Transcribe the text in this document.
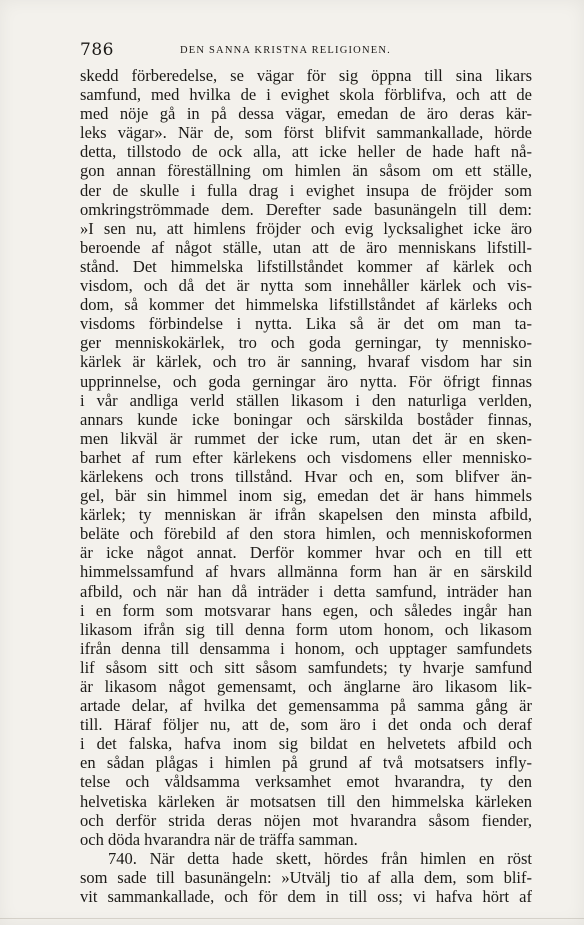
786	DEN SANNA KRISTNA RELIGIONEN.
skedd förberedelse, se vägar för sig öppna till sina likars
samfund, med hvilka de i evighet skola förblifva, och att de
med nöje gå in på dessa vägar, emedan de äro deras kär-
leks vägar». När de, som först blifvit sammankallade, hörde
detta, tillstodo de ock alla, att icke heller de hade haft nå-
gon annan föreställning om himlen än såsom om ett ställe,
der de skulle i fulla drag i evighet insupa de fröjder som
omkringströmmade dem. Derefter sade basunängeln till dem:
»I sen nu, att himlens fröjder och evig lycksalighet icke äro
beroende af något ställe, utan att de äro menniskans lifstill-
stånd. Det himmelska lifstillståndet kommer af kärlek och
visdom, och då det är nytta som innehåller kärlek och vis-
dom, så kommer det himmelska lifstillståndet af kärleks och
visdoms förbindelse i nytta. Lika så är det om man ta-
ger menniskokärlek, tro och goda gerningar, ty menniskо-
kärlek är kärlek, och tro är sanning, hvaraf visdom har sin
upprinnelse, och goda gerningar äro nytta. För öfrigt finnas
i vår andliga verld ställen likasom i den naturliga verlden,
annars kunde icke boningar och särskilda boståder finnas,
men likväl är rummet der icke rum, utan det är en sken-
barhet af rum efter kärlekens och visdomens eller menniskо-
kärlekens och trons tillstånd. Hvar och en, som blifver än-
gel, bär sin himmel inom sig, emedan det är hans himmels
kärlek; ty menniskan är ifrån skapelsen den minsta afbild,
beläte och förebild af den stora himlen, och menniskoformen
är icke något annat. Derför kommer hvar och en till ett
himmelssamfund af hvars allmänna form han är en särskild
afbild, och när han då inträder i detta samfund, inträder han
i en form som motsvarar hans egen, och således ingår han
likasom ifrån sig till denna form utom honom, och likasom
ifrån denna till densamma i honom, och upptager samfundets
lif såsom sitt och sitt såsom samfundets; ty hvarje samfund
är likasom något gemensamt, och änglarne äro likasom lik-
artade delar, af hvilka det gemensamma på samma gång är
till. Häraf följer nu, att de, som äro i det onda och deraf
i det falska, hafva inom sig bildat en helvetets afbild och
en sådan plågas i himlen på grund af två motsatsers infly-
telse och våldsamma verksamhet emot hvarandra, ty den
helvetiska kärleken är motsatsen till den himmelska kärleken
och derför strida deras nöjen mot hvarandra såsom fiender,
och döda hvarandra när de träffa samman.
740. När detta hade skett, hördes från himlen en röst
som sade till basunängeln: »Utvälj tio af alla dem, som blif-
vit sammankallade, och för dem in till oss; vi hafva hört af
